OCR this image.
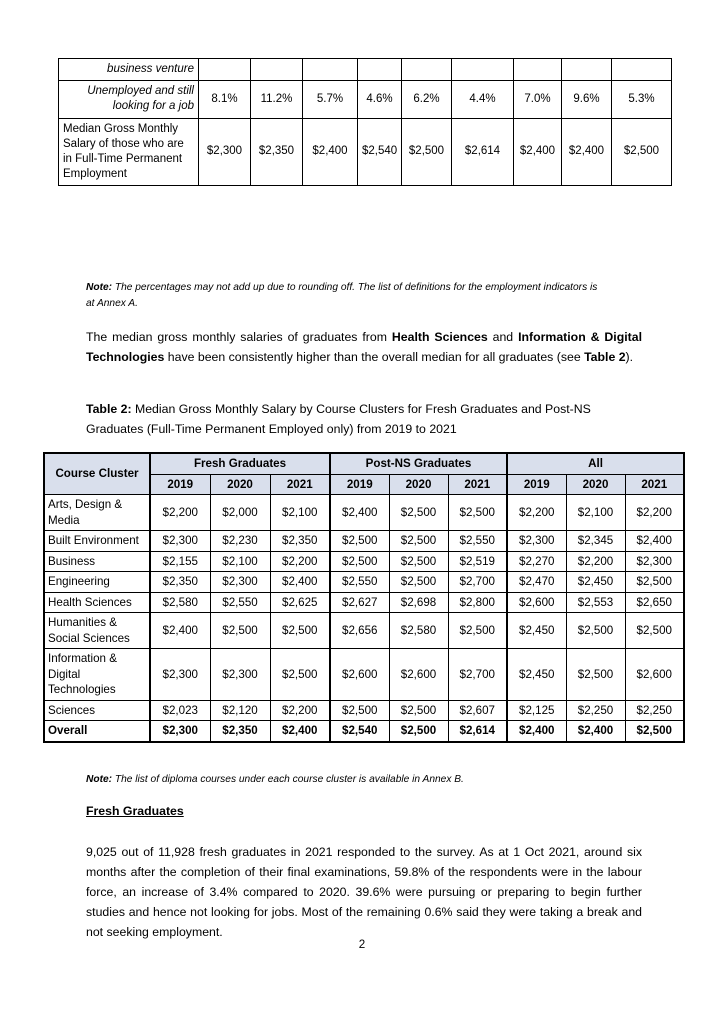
business venture									
Unemployed and still looking for a job	8.1%	11.2%	5.7%	4.6%	6.2%	4.4%	7.0%	9.6%	5.3%
Median Gross Monthly Salary of those who are in Full-Time Permanent Employment	$2,300	$2,350	$2,400	$2,540	$2,500	$2,614	$2,400	$2,400	$2,500
Note: The percentages may not add up due to rounding off. The list of definitions for the employment indicators is at Annex A.
The median gross monthly salaries of graduates from Health Sciences and Information & Digital Technologies have been consistently higher than the overall median for all graduates (see Table 2).
Table 2: Median Gross Monthly Salary by Course Clusters for Fresh Graduates and Post-NS Graduates (Full-Time Permanent Employed only) from 2019 to 2021
Course Cluster	Fresh Graduates			Post-NS Graduates			All		
	2019	2020	2021	2019	2020	2021	2019	2020	2021
Arts, Design & Media	$2,200	$2,000	$2,100	$2,400	$2,500	$2,500	$2,200	$2,100	$2,200
Built Environment	$2,300	$2,230	$2,350	$2,500	$2,500	$2,550	$2,300	$2,345	$2,400
Business	$2,155	$2,100	$2,200	$2,500	$2,500	$2,519	$2,270	$2,200	$2,300
Engineering	$2,350	$2,300	$2,400	$2,550	$2,500	$2,700	$2,470	$2,450	$2,500
Health Sciences	$2,580	$2,550	$2,625	$2,627	$2,698	$2,800	$2,600	$2,553	$2,650
Humanities & Social Sciences	$2,400	$2,500	$2,500	$2,656	$2,580	$2,500	$2,450	$2,500	$2,500
Information & Digital Technologies	$2,300	$2,300	$2,500	$2,600	$2,600	$2,700	$2,450	$2,500	$2,600
Sciences	$2,023	$2,120	$2,200	$2,500	$2,500	$2,607	$2,125	$2,250	$2,250
Overall	$2,300	$2,350	$2,400	$2,540	$2,500	$2,614	$2,400	$2,400	$2,500
Note: The list of diploma courses under each course cluster is available in Annex B.
Fresh Graduates
9,025 out of 11,928 fresh graduates in 2021 responded to the survey. As at 1 Oct 2021, around six months after the completion of their final examinations, 59.8% of the respondents were in the labour force, an increase of 3.4% compared to 2020. 39.6% were pursuing or preparing to begin further studies and hence not looking for jobs. Most of the remaining 0.6% said they were taking a break and not seeking employment.
2
